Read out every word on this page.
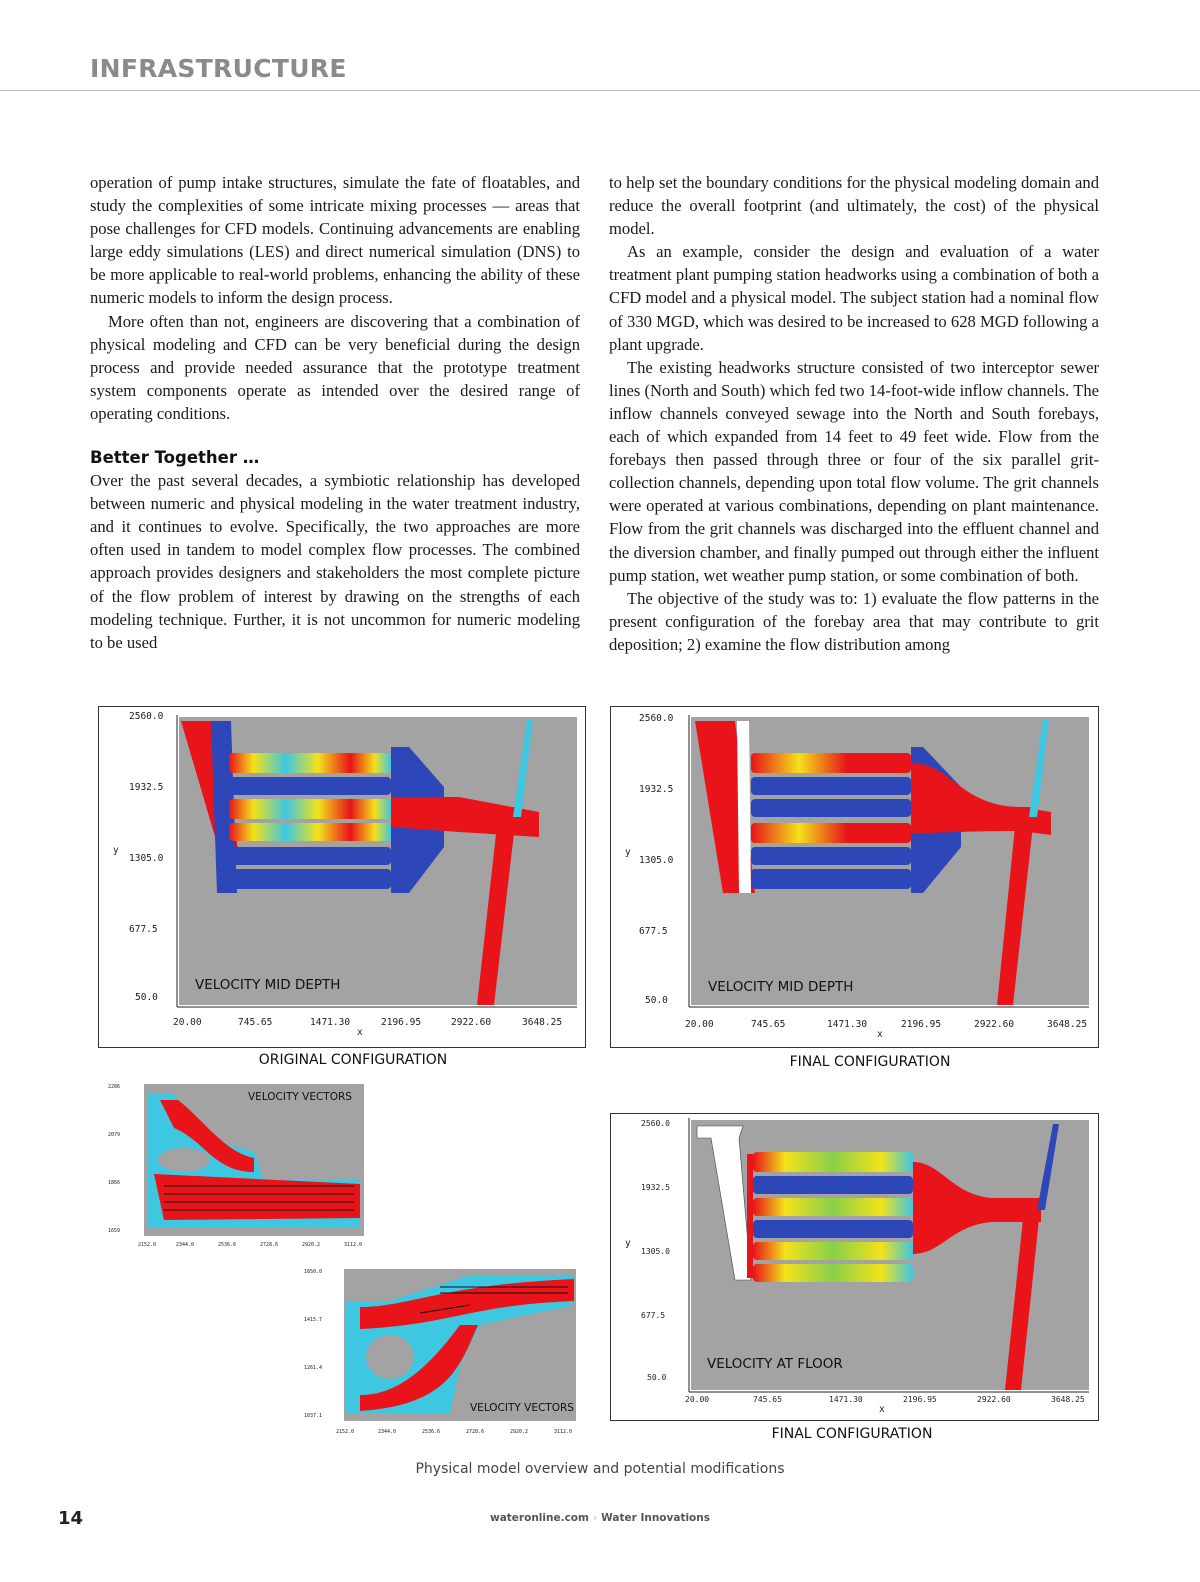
INFRASTRUCTURE

operation of pump intake structures, simulate the fate of floatables, and study the complexities of some intricate mixing processes — areas that pose challenges for CFD models. Continuing advancements are enabling large eddy simulations (LES) and direct numerical simulation (DNS) to be more applicable to real-world problems, enhancing the ability of these numeric models to inform the design process.

More often than not, engineers are discovering that a combination of physical modeling and CFD can be very beneficial during the design process and provide needed assurance that the prototype treatment system components operate as intended over the desired range of operating conditions.

Better Together …

Over the past several decades, a symbiotic relationship has developed between numeric and physical modeling in the water treatment industry, and it continues to evolve. Specifically, the two approaches are more often used in tandem to model complex flow processes. The combined approach provides designers and stakeholders the most complete picture of the flow problem of interest by drawing on the strengths of each modeling technique. Further, it is not uncommon for numeric modeling to be used

to help set the boundary conditions for the physical modeling domain and reduce the overall footprint (and ultimately, the cost) of the physical model.

As an example, consider the design and evaluation of a water treatment plant pumping station headworks using a combination of both a CFD model and a physical model. The subject station had a nominal flow of 330 MGD, which was desired to be increased to 628 MGD following a plant upgrade.

The existing headworks structure consisted of two interceptor sewer lines (North and South) which fed two 14-foot-wide inflow channels. The inflow channels conveyed sewage into the North and South forebays, each of which expanded from 14 feet to 49 feet wide. Flow from the forebays then passed through three or four of the six parallel grit-collection channels, depending upon total flow volume. The grit channels were operated at various combinations, depending on plant maintenance. Flow from the grit channels was discharged into the effluent channel and the diversion chamber, and finally pumped out through either the influent pump station, wet weather pump station, or some combination of both.

The objective of the study was to: 1) evaluate the flow patterns in the present configuration of the forebay area that may contribute to grit deposition; 2) examine the flow distribution among

2560.0
1932.5
1305.0
677.5
50.0
y
20.00	745.65	1471.30	2196.95	2922.60	3648.25
x
VELOCITY MID DEPTH
ORIGINAL CONFIGURATION
2560.0
1932.5
1305.0
677.5
50.0
y
20.00	745.65	1471.30	2196.95	2922.60	3648.25
x
VELOCITY MID DEPTH
FINAL CONFIGURATION
VELOCITY VECTORS
2286
2079
1866
1659
2152.0	2344.0	2536.6	2728.6	2920.2	3112.0
VELOCITY VECTORS
1650.0
1415.7
1261.4
1037.1
2152.0	2344.0	2536.6	2728.6	2920.2	3112.0
2560.0
1932.5
1305.0
677.5
50.0
y
20.00	745.65	1471.30	2196.95	2922.60	3648.25
x
VELOCITY AT FLOOR
FINAL CONFIGURATION
Physical model overview and potential modifications
14	wateronline.com › Water Innovations
